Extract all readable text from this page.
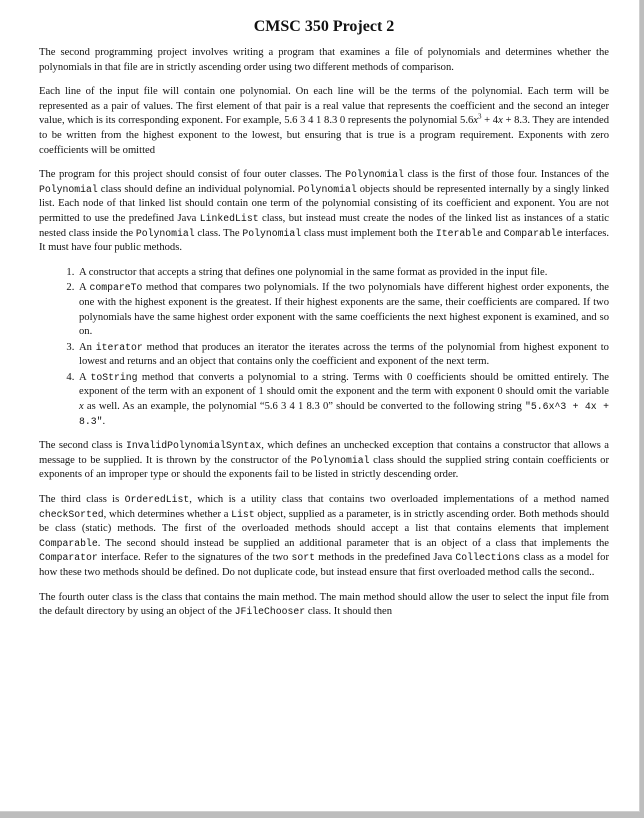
CMSC 350 Project 2

The second programming project involves writing a program that examines a file of polynomials and determines whether the polynomials in that file are in strictly ascending order using two different methods of comparison.

Each line of the input file will contain one polynomial. On each line will be the terms of the polynomial. Each term will be represented as a pair of values. The first element of that pair is a real value that represents the coefficient and the second an integer value, which is its corresponding exponent. For example, 5.6 3 4 1 8.3 0 represents the polynomial $5.6x^3 + 4x + 8.3$. They are intended to be written from the highest exponent to the lowest, but ensuring that is true is a program requirement. Exponents with zero coefficients will be omitted

The program for this project should consist of four outer classes. The Polynomial class is the first of those four. Instances of the Polynomial class should define an individual polynomial. Polynomial objects should be represented internally by a singly linked list. Each node of that linked list should contain one term of the polynomial consisting of its coefficient and exponent. You are not permitted to use the predefined Java LinkedList class, but instead must create the nodes of the linked list as instances of a static nested class inside the Polynomial class. The Polynomial class must implement both the Iterable and Comparable interfaces. It must have four public methods.

1. A constructor that accepts a string that defines one polynomial in the same format as provided in the input file.
2. A compareTo method that compares two polynomials. If the two polynomials have different highest order exponents, the one with the highest exponent is the greatest. If their highest exponents are the same, their coefficients are compared. If two polynomials have the same highest order exponent with the same coefficients the next highest exponent is examined, and so on.
3. An iterator method that produces an iterator the iterates across the terms of the polynomial from highest exponent to lowest and returns and an object that contains only the coefficient and exponent of the next term.
4. A toString method that converts a polynomial to a string. Terms with 0 coefficients should be omitted entirely. The exponent of the term with an exponent of 1 should omit the exponent and the term with exponent 0 should omit the variable x as well. As an example, the polynomial “5.6 3 4 1 8.3 0” should be converted to the following string "5.6x^3 + 4x + 8.3".

The second class is InvalidPolynomialSyntax, which defines an unchecked exception that contains a constructor that allows a message to be supplied. It is thrown by the constructor of the Polynomial class should the supplied string contain coefficients or exponents of an improper type or should the exponents fail to be listed in strictly descending order.

The third class is OrderedList, which is a utility class that contains two overloaded implementations of a method named checkSorted, which determines whether a List object, supplied as a parameter, is in strictly ascending order. Both methods should be class (static) methods. The first of the overloaded methods should accept a list that contains elements that implement Comparable. The second should instead be supplied an additional parameter that is an object of a class that implements the Comparator interface. Refer to the signatures of the two sort methods in the predefined Java Collections class as a model for how these two methods should be defined. Do not duplicate code, but instead ensure that first overloaded method calls the second..

The fourth outer class is the class that contains the main method. The main method should allow the user to select the input file from the default directory by using an object of the JFileChooser class. It should then
